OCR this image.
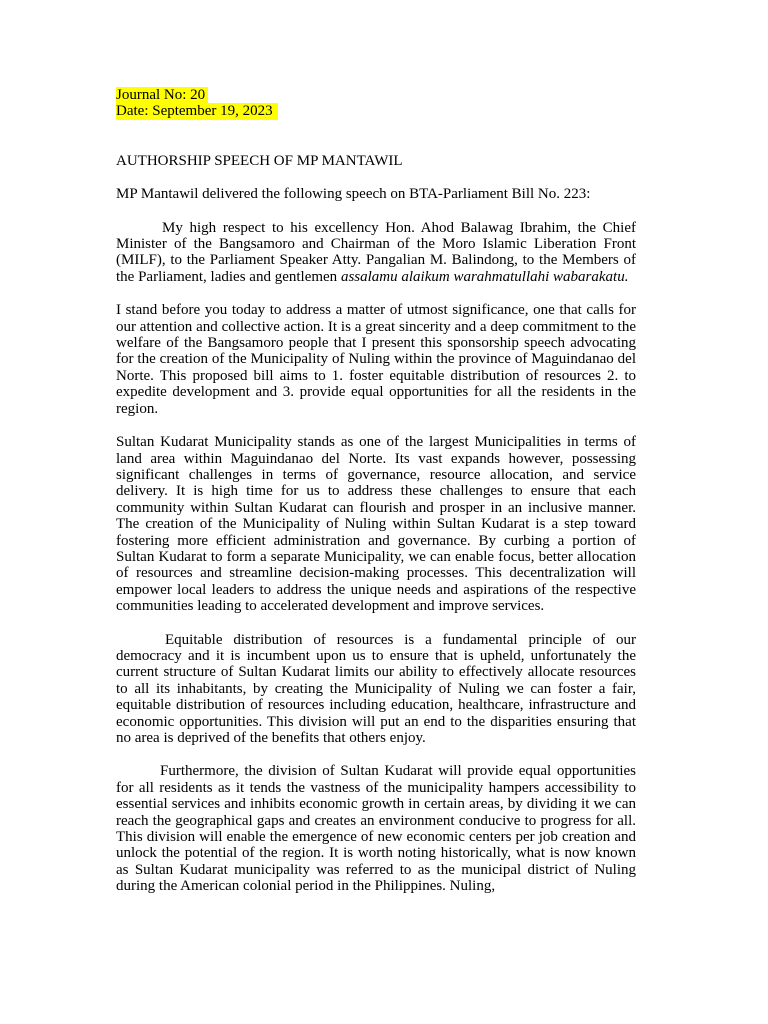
Journal No: 20
Date: September 19, 2023
AUTHORSHIP SPEECH OF MP MANTAWIL
MP Mantawil delivered the following speech on BTA-Parliament Bill No. 223:

My high respect to his excellency Hon. Ahod Balawag Ibrahim, the Chief Minister of the Bangsamoro and Chairman of the Moro Islamic Liberation Front (MILF), to the Parliament Speaker Atty. Pangalian M. Balindong, to the Members of the Parliament, ladies and gentlemen assalamu alaikum warahmatullahi wabarakatu.

I stand before you today to address a matter of utmost significance, one that calls for our attention and collective action. It is a great sincerity and a deep commitment to the welfare of the Bangsamoro people that I present this sponsorship speech advocating for the creation of the Municipality of Nuling within the province of Maguindanao del Norte. This proposed bill aims to 1. foster equitable distribution of resources 2. to expedite development and 3. provide equal opportunities for all the residents in the region.

Sultan Kudarat Municipality stands as one of the largest Municipalities in terms of land area within Maguindanao del Norte. Its vast expands however, possessing significant challenges in terms of governance, resource allocation, and service delivery. It is high time for us to address these challenges to ensure that each community within Sultan Kudarat can flourish and prosper in an inclusive manner. The creation of the Municipality of Nuling within Sultan Kudarat is a step toward fostering more efficient administration and governance. By curbing a portion of Sultan Kudarat to form a separate Municipality, we can enable focus, better allocation of resources and streamline decision-making processes. This decentralization will empower local leaders to address the unique needs and aspirations of the respective communities leading to accelerated development and improve services.

Equitable distribution of resources is a fundamental principle of our democracy and it is incumbent upon us to ensure that is upheld, unfortunately the current structure of Sultan Kudarat limits our ability to effectively allocate resources to all its inhabitants, by creating the Municipality of Nuling we can foster a fair, equitable distribution of resources including education, healthcare, infrastructure and economic opportunities. This division will put an end to the disparities ensuring that no area is deprived of the benefits that others enjoy.

Furthermore, the division of Sultan Kudarat will provide equal opportunities for all residents as it tends the vastness of the municipality hampers accessibility to essential services and inhibits economic growth in certain areas, by dividing it we can reach the geographical gaps and creates an environment conducive to progress for all. This division will enable the emergence of new economic centers per job creation and unlock the potential of the region. It is worth noting historically, what is now known as Sultan Kudarat municipality was referred to as the municipal district of Nuling during the American colonial period in the Philippines. Nuling,
